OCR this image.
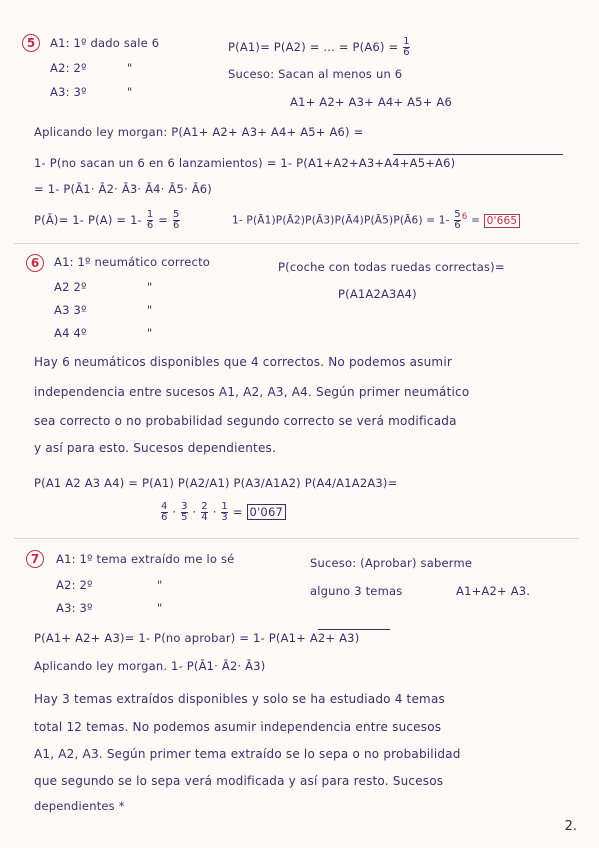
5 A1: 1º dado sale 6
A2: 2º	"
A3: 3º	"
P(A1)= P(A2) = ... = $P(A6) = \frac{1}{6}$
Suceso: Sacan al menos un 6
A1+ A2+ A3+ A4+ A5+ A6
Aplicando ley morgan: P(A1+ A2+ A3+ A4+ A5+ A6) =
1- P(no sacan un 6 en 6 lanzamientos) = 1- P(A1+A2+A3+A4+A5+A6)
= 1- P(Ā1· Ā2· Ā3· Ā4· Ā5· Ā6)
P(Ā)= 1- $P(A) = 1- \frac{1}{6} = \frac{5}{6}$	1- P(Ā1)P(Ā2)P(Ā3)P(Ā4)P(Ā5)P(Ā6) = $1- \frac{5}{6} ^6 = 0'665$
6 A1: 1º neumático correcto
A2 2º	"
A3 3º	"
A4 4º	"
P(coche con todas ruedas correctas)=
P(A1A2A3A4)
Hay 6 neumáticos disponibles que 4 correctos. No podemos asumir
independencia entre sucesos A1, A2, A3, A4. Según primer neumático
sea correcto o no probabilidad segundo correcto se verá modificada
y así para esto. Sucesos dependientes.
P(A1 A2 A3 A4) = P(A1) P(A2/A1) P(A3/A1A2) P(A4/A1A2A3)=
$\frac{4}{6} \cdot \frac{3}{5} \cdot \frac{2}{4} \cdot \frac{1}{3} = 0'067$
7 A1: 1º tema extraído me lo sé
A2: 2º	"
A3: 3º	"
Suceso: (Aprobar) saberme
alguno 3 temas	A1+A2+ A3.
P(A1+ A2+ A3)= 1- P(no aprobar) = 1- P(A1+ A2+ A3)
Aplicando ley morgan. 1- P(Ā1· Ā2· Ā3)
Hay 3 temas extraídos disponibles y solo se ha estudiado 4 temas
total 12 temas. No podemos asumir independencia entre sucesos
A1, A2, A3. Según primer tema extraído se lo sepa o no probabilidad
que segundo se lo sepa verá modificada y así para resto. Sucesos
dependientes *
2.
